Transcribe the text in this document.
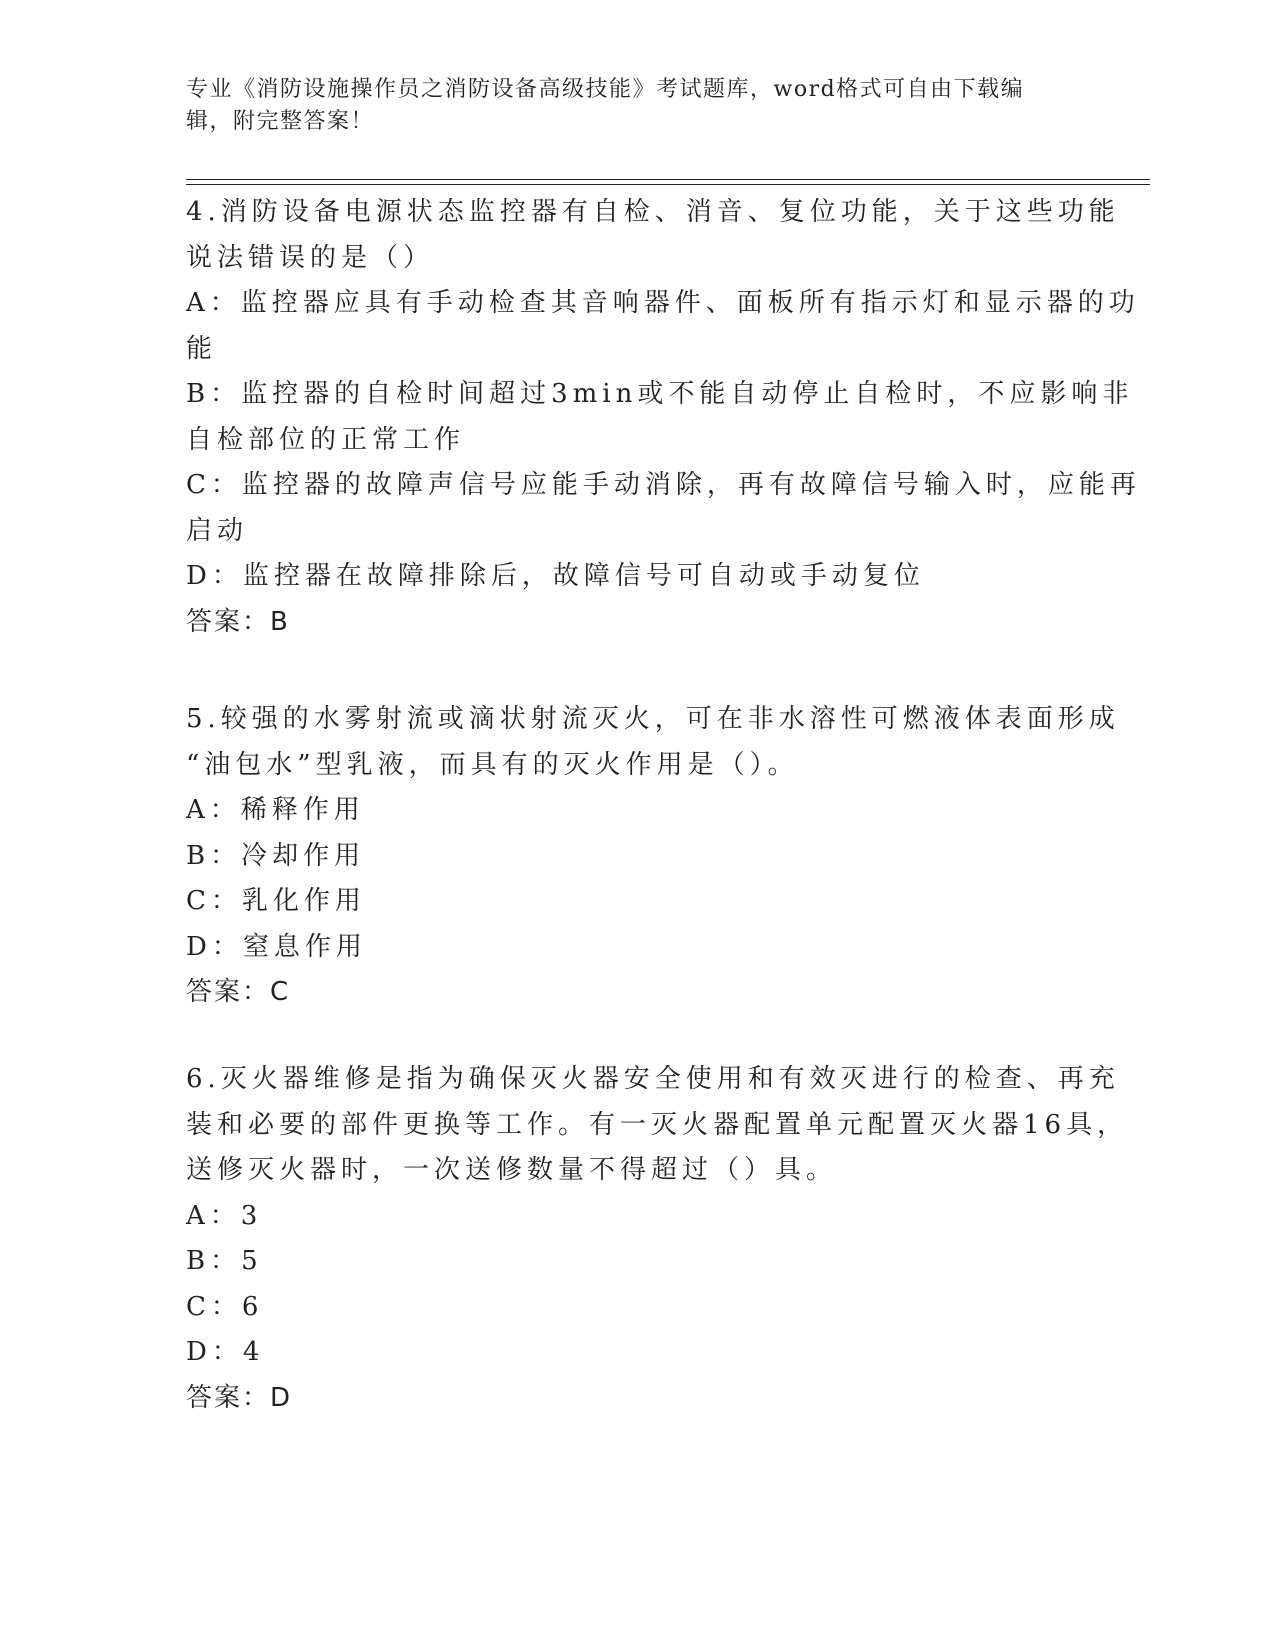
专业《消防设施操作员之消防设备高级技能》考试题库，word格式可自由下载编
辑，附完整答案！
4.消防设备电源状态监控器有自检、消音、复位功能，关于这些功能
说法错误的是（）
A：监控器应具有手动检查其音响器件、面板所有指示灯和显示器的功
能
B：监控器的自检时间超过3min或不能自动停止自检时，不应影响非
自检部位的正常工作
C：监控器的故障声信号应能手动消除，再有故障信号输入时，应能再
启动
D：监控器在故障排除后，故障信号可自动或手动复位
答案：B
5.较强的水雾射流或滴状射流灭火，可在非水溶性可燃液体表面形成
“油包水”型乳液，而具有的灭火作用是（）。
A：稀释作用
B：冷却作用
C：乳化作用
D：窒息作用
答案：C
6.灭火器维修是指为确保灭火器安全使用和有效灭进行的检查、再充
装和必要的部件更换等工作。有一灭火器配置单元配置灭火器16具，
送修灭火器时，一次送修数量不得超过（）具。
A：3
B：5
C：6
D：4
答案：D
